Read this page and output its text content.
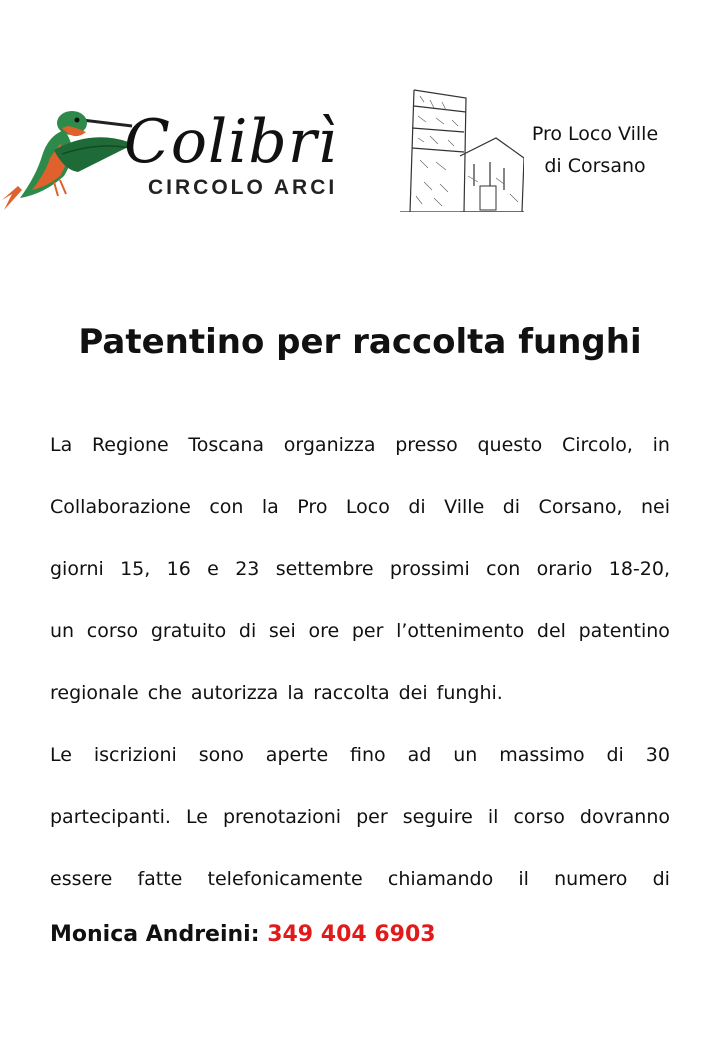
Colibrì
CIRCOLO ARCI
Pro Loco Ville
di Corsano
Patentino per raccolta funghi
La Regione Toscana organizza presso questo Circolo, in
Collaborazione con la Pro Loco di Ville di Corsano, nei
giorni 15, 16 e 23 settembre prossimi con orario 18-20,
un corso gratuito di sei ore per l’ottenimento del patentino
regionale che autorizza la raccolta dei funghi.
Le iscrizioni sono aperte fino ad un massimo di 30
partecipanti. Le prenotazioni per seguire il corso dovranno
essere fatte telefonicamente chiamando il numero di
Monica Andreini: 349 404 6903
